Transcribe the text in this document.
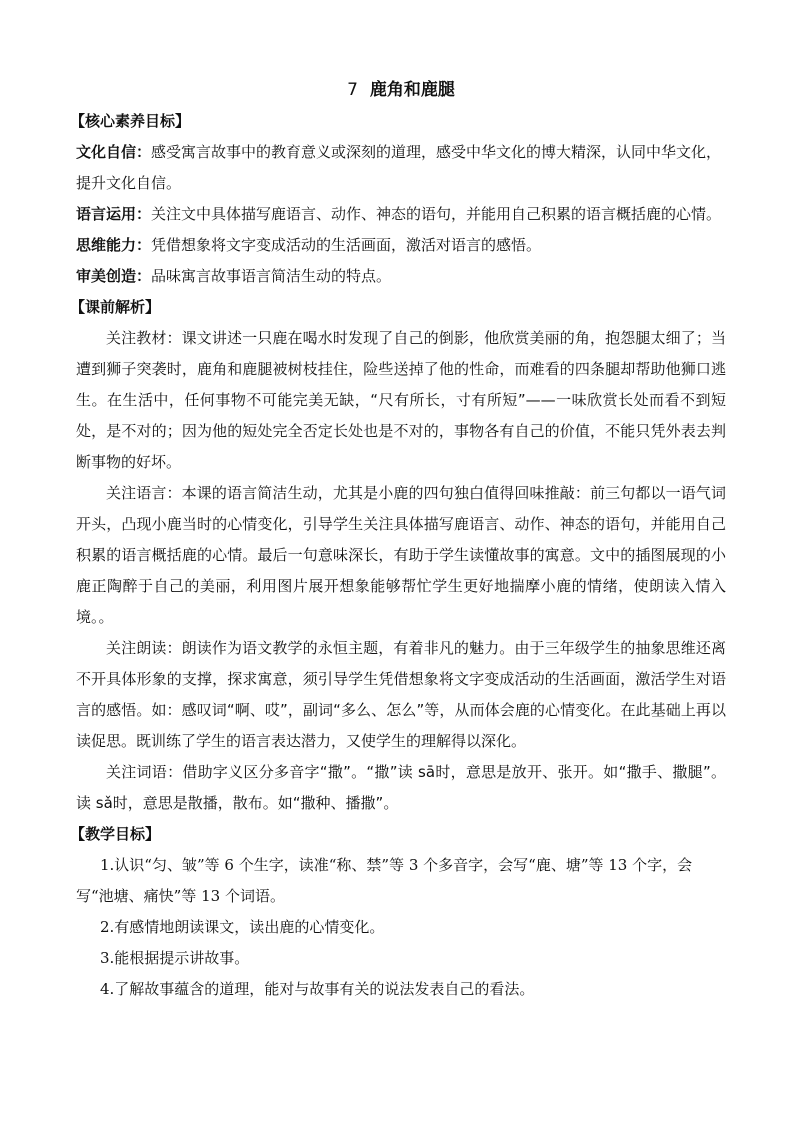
7 鹿角和鹿腿
【核心素养目标】
文化自信：感受寓言故事中的教育意义或深刻的道理，感受中华文化的博大精深，认同中华文化，提升文化自信。
语言运用：关注文中具体描写鹿语言、动作、神态的语句，并能用自己积累的语言概括鹿的心情。
思维能力：凭借想象将文字变成活动的生活画面，激活对语言的感悟。
审美创造：品味寓言故事语言简洁生动的特点。
【课前解析】
关注教材：课文讲述一只鹿在喝水时发现了自己的倒影，他欣赏美丽的角，抱怨腿太细了；当遭到狮子突袭时，鹿角和鹿腿被树枝挂住，险些送掉了他的性命，而难看的四条腿却帮助他狮口逃生。在生活中，任何事物不可能完美无缺，“尺有所长，寸有所短”——一味欣赏长处而看不到短处，是不对的；因为他的短处完全否定长处也是不对的，事物各有自己的价值，不能只凭外表去判断事物的好坏。
关注语言：本课的语言简洁生动，尤其是小鹿的四句独白值得回味推敲：前三句都以一语气词开头，凸现小鹿当时的心情变化，引导学生关注具体描写鹿语言、动作、神态的语句，并能用自己积累的语言概括鹿的心情。最后一句意味深长，有助于学生读懂故事的寓意。文中的插图展现的小鹿正陶醉于自己的美丽，利用图片展开想象能够帮忙学生更好地揣摩小鹿的情绪，使朗读入情入境。。
关注朗读：朗读作为语文教学的永恒主题，有着非凡的魅力。由于三年级学生的抽象思维还离不开具体形象的支撑，探求寓意，须引导学生凭借想象将文字变成活动的生活画面，激活学生对语言的感悟。如：感叹词“啊、哎”，副词“多么、怎么”等，从而体会鹿的心情变化。在此基础上再以读促思。既训练了学生的语言表达潜力，又使学生的理解得以深化。
关注词语：借助字义区分多音字“撒”。“撒”读 sā时，意思是放开、张开。如“撒手、撒腿”。读 sǎ时，意思是散播，散布。如“撒种、播撒”。
【教学目标】
1.认识“匀、皱”等 6 个生字，读准“称、禁”等 3 个多音字，会写“鹿、塘”等 13 个字，会写“池塘、痛快”等 13 个词语。
2.有感情地朗读课文，读出鹿的心情变化。
3.能根据提示讲故事。
4.了解故事蕴含的道理，能对与故事有关的说法发表自己的看法。
